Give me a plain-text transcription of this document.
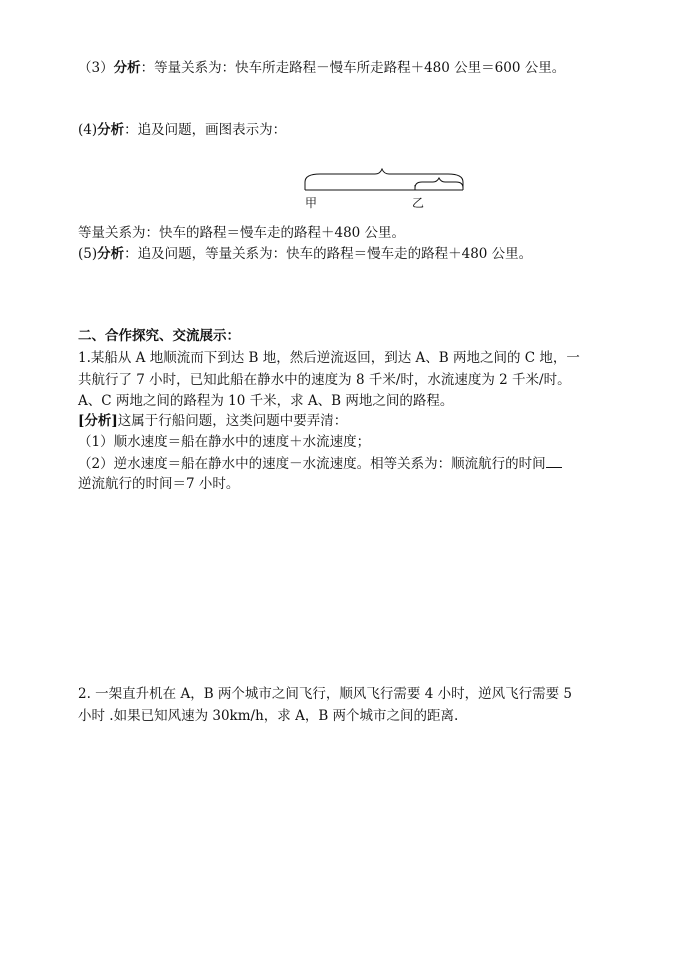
（3）分析：等量关系为：快车所走路程－慢车所走路程＋480 公里＝600 公里。
(4)分析：追及问题，画图表示为：
甲	乙
等量关系为：快车的路程＝慢车走的路程＋480 公里。
(5)分析：追及问题，等量关系为：快车的路程＝慢车走的路程＋480 公里。
二、合作探究、交流展示：
1.某船从 A 地顺流而下到达 B 地，然后逆流返回，到达 A、B 两地之间的 C 地，一
共航行了 7 小时，已知此船在静水中的速度为 8 千米/时，水流速度为 2 千米/时。
A、C 两地之间的路程为 10 千米，求 A、B 两地之间的路程。
[分析]这属于行船问题，这类问题中要弄清：
（1）顺水速度＝船在静水中的速度＋水流速度；
（2）逆水速度＝船在静水中的速度－水流速度。相等关系为：顺流航行的时间
逆流航行的时间＝7 小时。
2. 一架直升机在 A，B 两个城市之间飞行，顺风飞行需要 4 小时，逆风飞行需要 5
小时 .如果已知风速为 30km/h，求 A，B 两个城市之间的距离.
